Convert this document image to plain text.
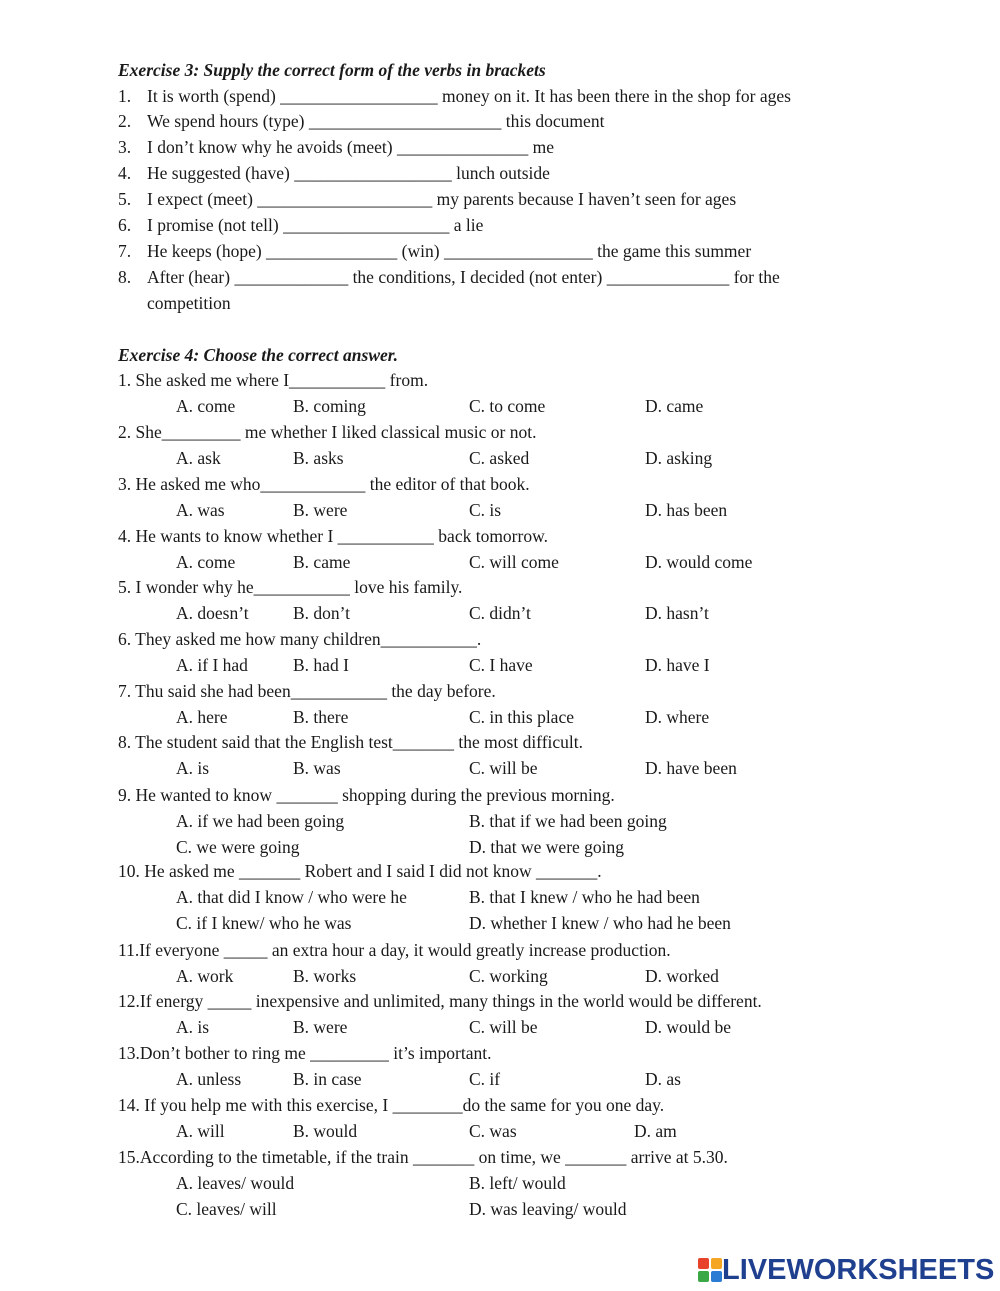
Exercise 3: Supply the correct form of the verbs in brackets
1. It is worth (spend) __________________ money on it. It has been there in the shop for ages
2. We spend hours (type) ______________________ this document
3. I don’t know why he avoids (meet) _______________ me
4. He suggested (have) __________________ lunch outside
5. I expect (meet) ____________________ my parents because I haven’t seen for ages
6. I promise (not tell) ___________________ a lie
7. He keeps (hope) _______________ (win) _________________ the game this summer
8. After (hear) _____________ the conditions, I decided (not enter) ______________ for the
competition
Exercise 4: Choose the correct answer.
1. She asked me where I___________ from.
A. come	B. coming	C. to come	D. came
2. She_________ me whether I liked classical music or not.
A. ask	B. asks	C. asked	D. asking
3. He asked me who____________ the editor of that book.
A. was	B. were	C. is	D. has been
4. He wants to know whether I ___________ back tomorrow.
A. come	B. came	C. will come	D. would come
5. I wonder why he___________ love his family.
A. doesn’t	B. don’t	C. didn’t	D. hasn’t
6. They asked me how many children___________.
A. if I had	B. had I	C. I have	D. have I
7. Thu said she had been___________ the day before.
A. here	B. there	C. in this place	D. where
8. The student said that the English test_______ the most difficult.
A. is	B. was	C. will be	D. have been
9. He wanted to know _______ shopping during the previous morning.
A. if we had been going	B. that if we had been going
C. we were going	D. that we were going
10. He asked me _______ Robert and I said I did not know _______.
A. that did I know / who were he	B. that I knew / who he had been
C. if I knew/ who he was	D. whether I knew / who had he been
11.If everyone _____ an extra hour a day, it would greatly increase production.
A. work	B. works	C. working	D. worked
12.If energy _____ inexpensive and unlimited, many things in the world would be different.
A. is	B. were	C. will be	D. would be
13.Don’t bother to ring me _________ it’s important.
A. unless	B. in case	C. if	D. as
14. If you help me with this exercise, I ________do the same for you one day.
A. will	B. would	C. was	D. am
15.According to the timetable, if the train _______ on time, we _______ arrive at 5.30.
A. leaves/ would	B. left/ would
C. leaves/ will	D. was leaving/ would
LIVEWORKSHEETS
